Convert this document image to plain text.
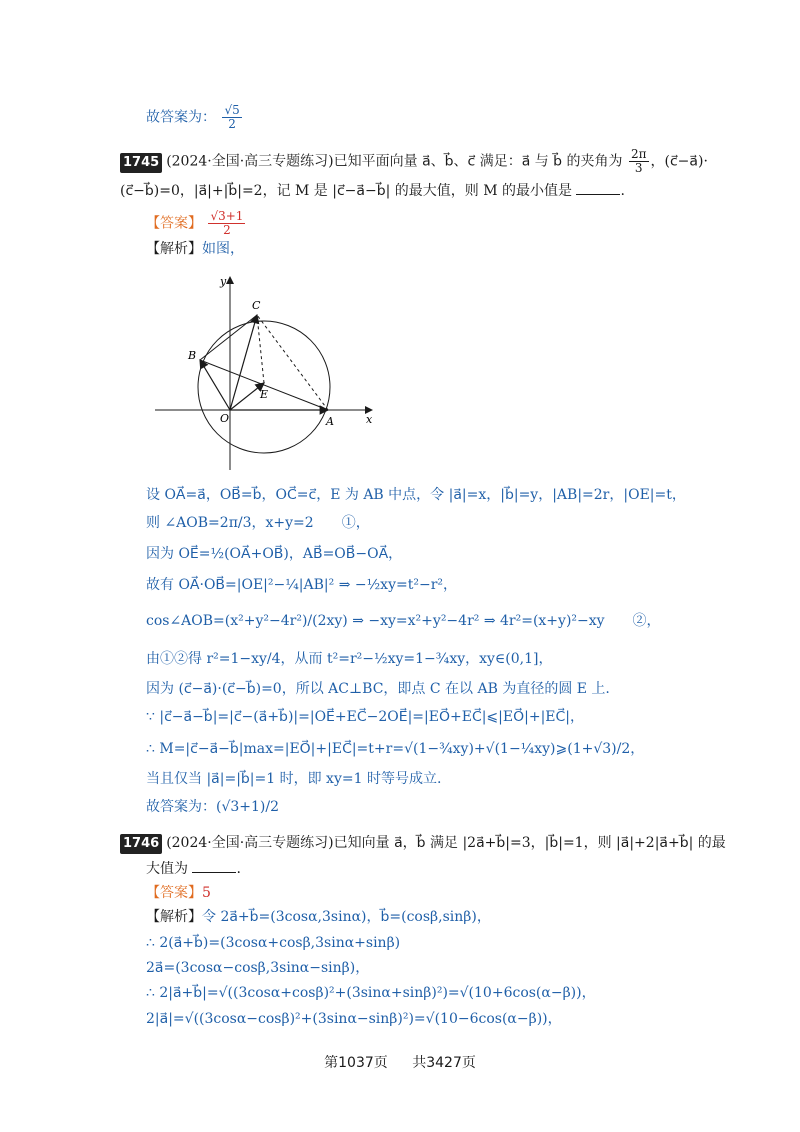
故答案为： $\frac{√5}{2}$
1745 (2024·全国·高三专题练习)已知平面向量 a⃗、b⃗、c⃗ 满足：a⃗ 与 b⃗ 的夹角为 $\frac{2\pi}{3}$ ，(c⃗−a⃗)·
(c⃗−b⃗)=0，|a⃗|+|b⃗|=2，记 M 是 |c⃗−a⃗−b⃗| 的最大值，则 M 的最小值是	.
【答案】 $\frac{√3+1}{2}$
【解析】如图，
y
x
O	A
B
C
E
设 OA⃗=a⃗，OB⃗=b⃗，OC⃗=c⃗，E 为 AB 中点，令 |a⃗|=x，|b⃗|=y，|AB|=2r，|OE|=t，
则 ∠AOB=2π/3，x+y=2　　①，
因为 OE⃗=½(OA⃗+OB⃗)，AB⃗=OB⃗−OA⃗，
故有 OA⃗·OB⃗=|OE|²−¼|AB|² ⇒ −½xy=t²−r²，
cos∠AOB=(x²+y²−4r²)/(2xy) ⇒ −xy=x²+y²−4r² ⇒ 4r²=(x+y)²−xy　　②，
由①②得 r²=1−xy/4，从而 t²=r²−½xy=1−¾xy，xy∈(0,1]，
因为 (c⃗−a⃗)·(c⃗−b⃗)=0，所以 AC⊥BC，即点 C 在以 AB 为直径的圆 E 上.
∵ |c⃗−a⃗−b⃗|=|c⃗−(a⃗+b⃗)|=|OE⃗+EC⃗−2OE⃗|=|EO⃗+EC⃗|⩽|EO⃗|+|EC⃗|，
∴ M=|c⃗−a⃗−b⃗|max=|EO⃗|+|EC⃗|=t+r=√(1−¾xy)+√(1−¼xy)⩾(1+√3)/2，
当且仅当 |a⃗|=|b⃗|=1 时，即 xy=1 时等号成立.
故答案为：(√3+1)/2
1746 (2024·全国·高三专题练习)已知向量 a⃗，b⃗ 满足 |2a⃗+b⃗|=3，|b⃗|=1，则 |a⃗|+2|a⃗+b⃗| 的最
大值为	.
【答案】5
【解析】令 2a⃗+b⃗=(3cosα,3sinα)，b⃗=(cosβ,sinβ)，
∴ 2(a⃗+b⃗)=(3cosα+cosβ,3sinα+sinβ)
2a⃗=(3cosα−cosβ,3sinα−sinβ)，
∴ 2|a⃗+b⃗|=√((3cosα+cosβ)²+(3sinα+sinβ)²)=√(10+6cos(α−β))，
2|a⃗|=√((3cosα−cosβ)²+(3sinα−sinβ)²)=√(10−6cos(α−β))，
第1037页 共3427页
